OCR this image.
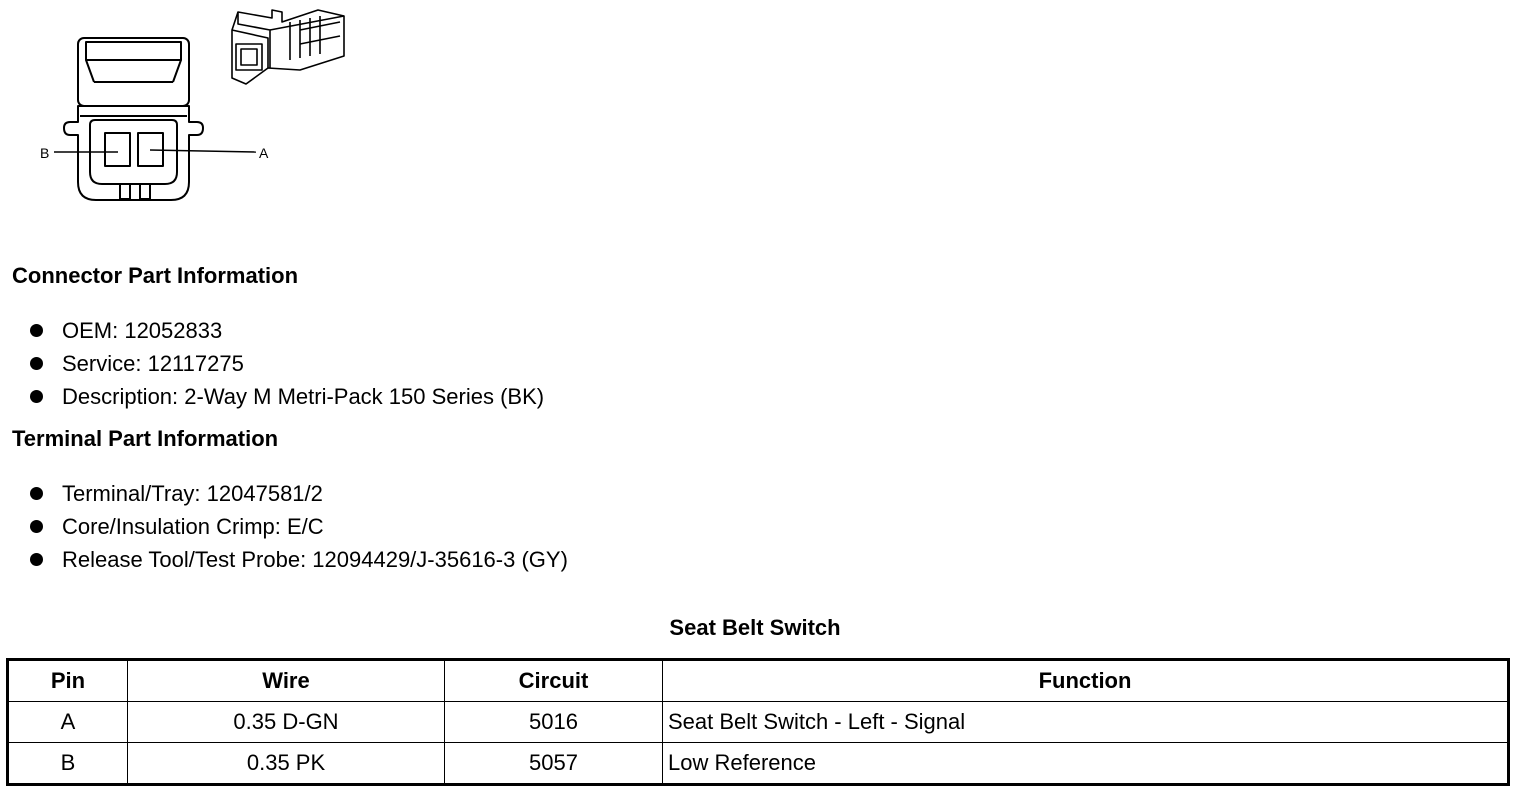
B	A
Connector Part Information
OEM: 12052833
Service: 12117275
Description: 2-Way M Metri-Pack 150 Series (BK)
Terminal Part Information
Terminal/Tray: 12047581/2
Core/Insulation Crimp: E/C
Release Tool/Test Probe: 12094429/J-35616-3 (GY)
Seat Belt Switch
Pin	Wire	Circuit	Function
A	0.35 D-GN	5016	Seat Belt Switch - Left - Signal
B	0.35 PK	5057	Low Reference
